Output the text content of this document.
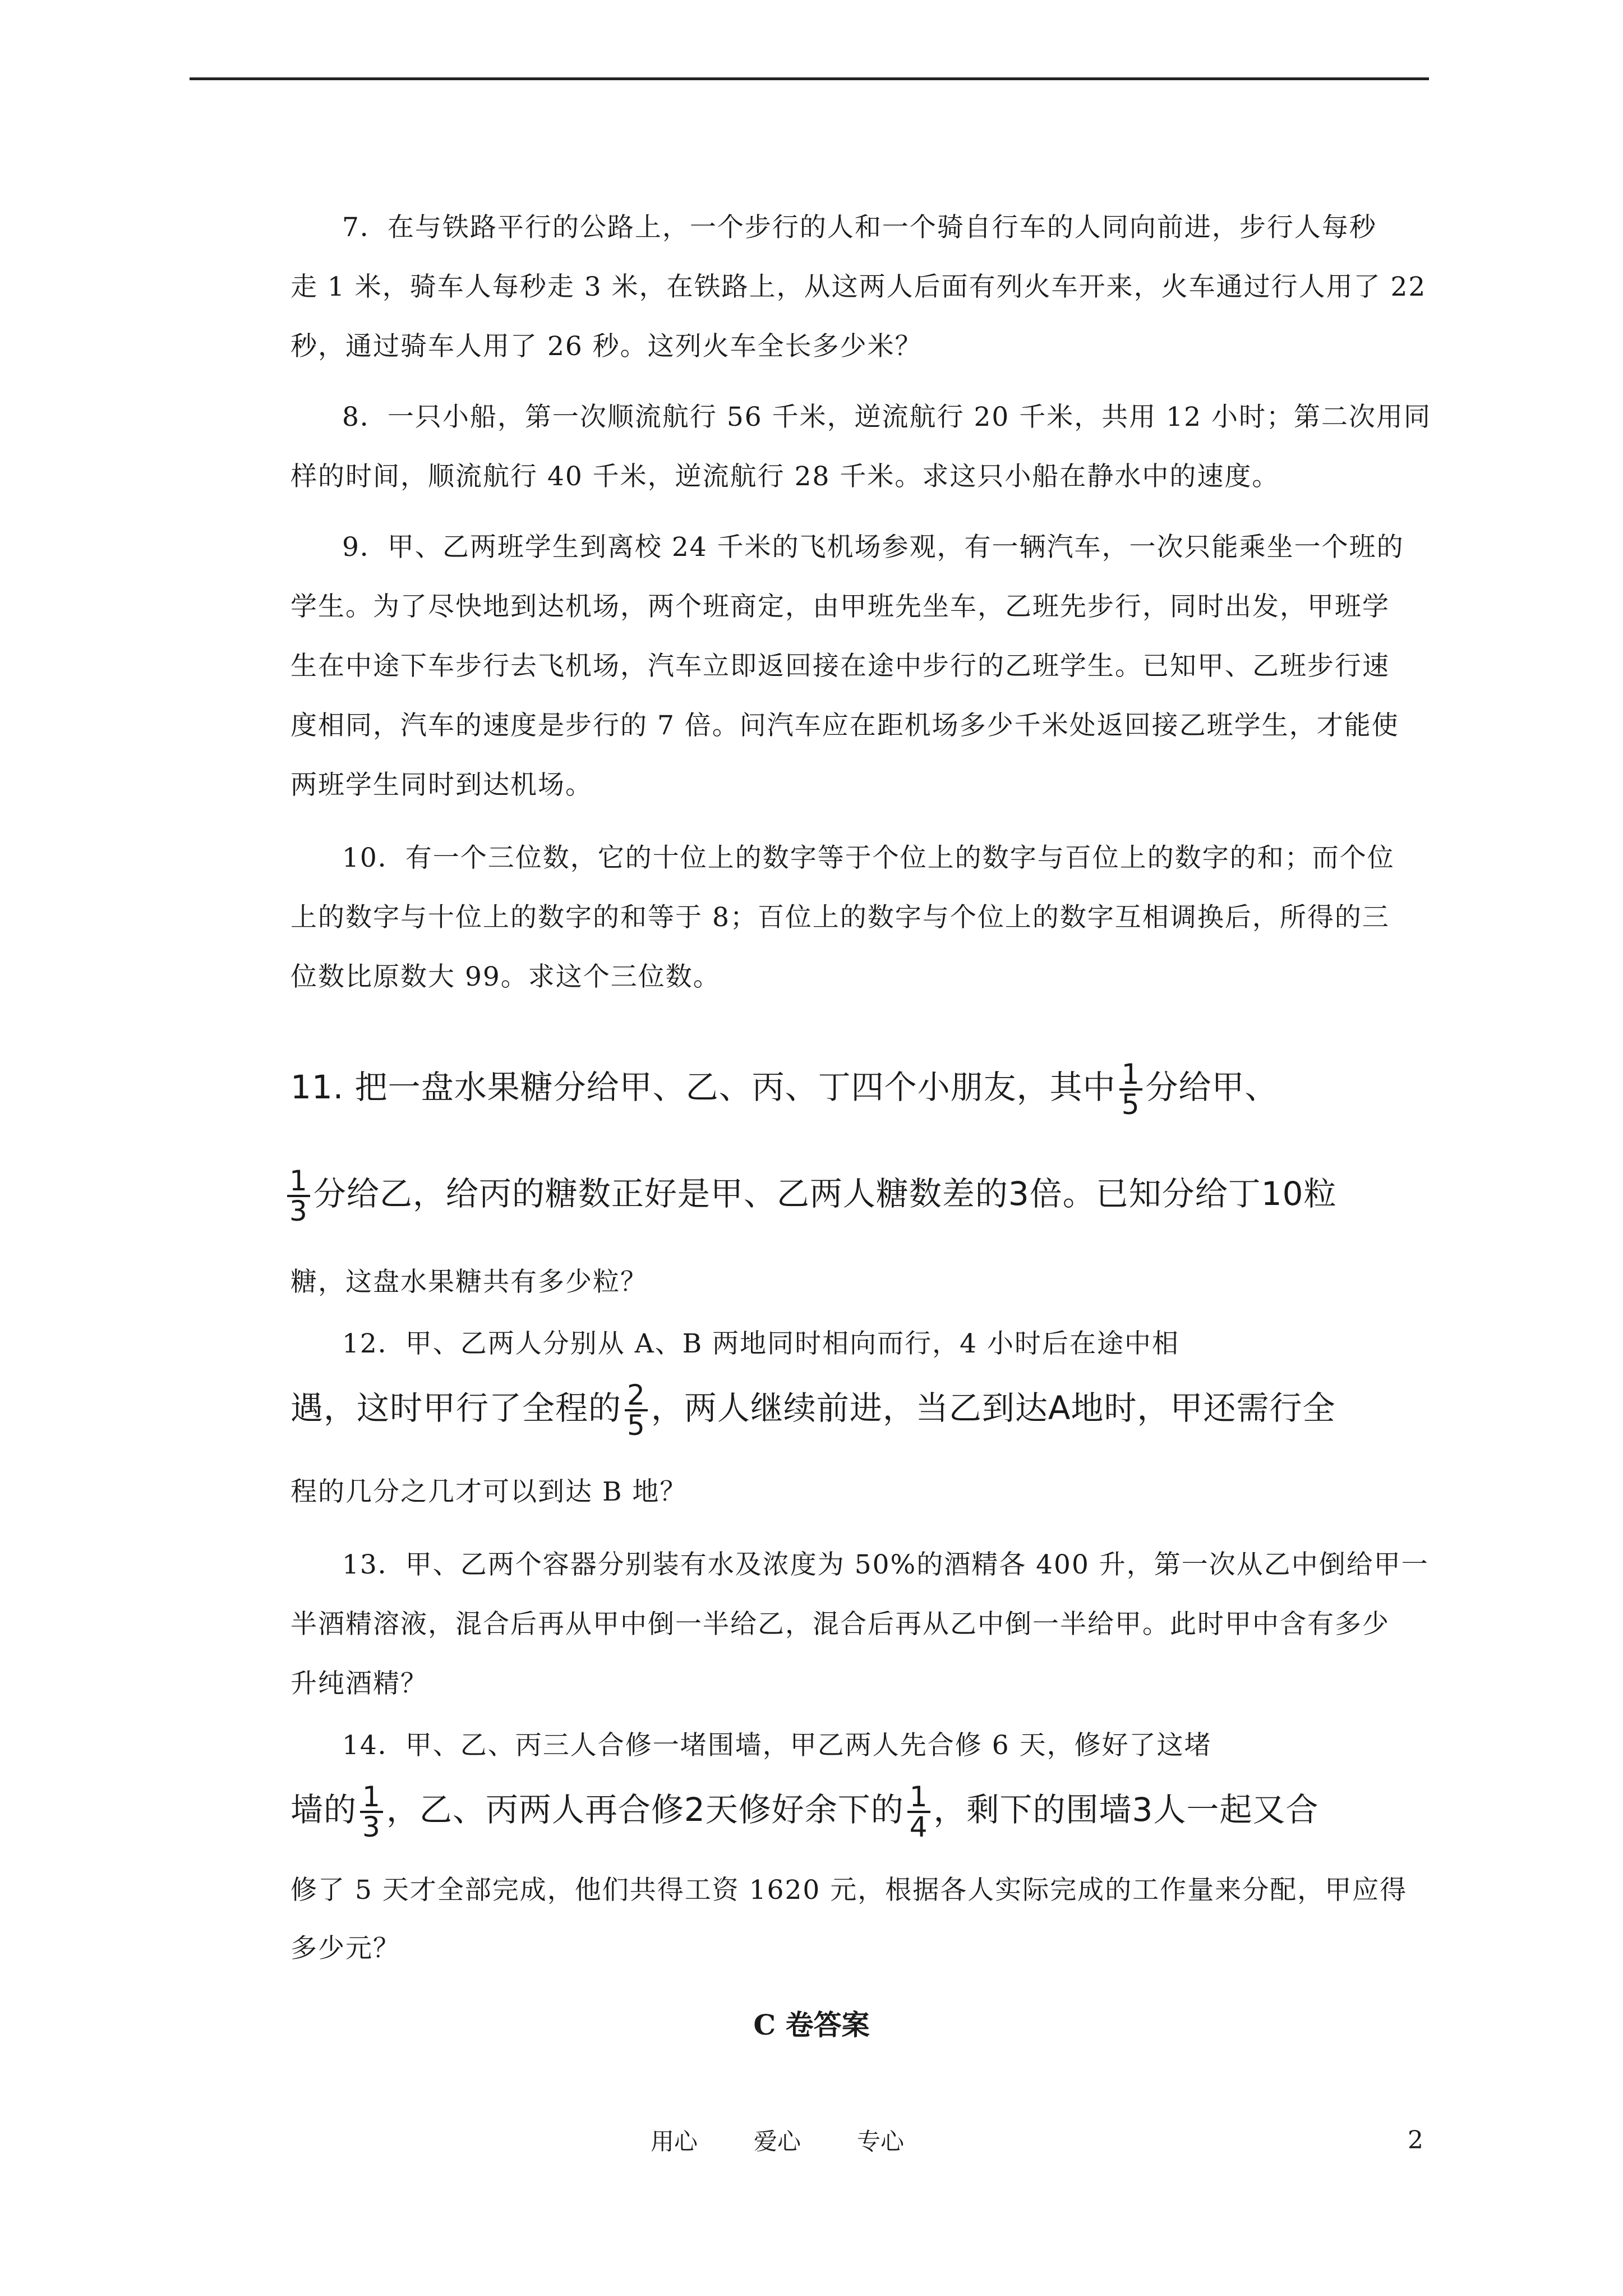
7．在与铁路平行的公路上，一个步行的人和一个骑自行车的人同向前进，步行人每秒
走 1 米，骑车人每秒走 3 米，在铁路上，从这两人后面有列火车开来，火车通过行人用了 22
秒，通过骑车人用了 26 秒。这列火车全长多少米？
8．一只小船，第一次顺流航行 56 千米，逆流航行 20 千米，共用 12 小时；第二次用同
样的时间，顺流航行 40 千米，逆流航行 28 千米。求这只小船在静水中的速度。
9．甲、乙两班学生到离校 24 千米的飞机场参观，有一辆汽车，一次只能乘坐一个班的
学生。为了尽快地到达机场，两个班商定，由甲班先坐车，乙班先步行，同时出发，甲班学
生在中途下车步行去飞机场，汽车立即返回接在途中步行的乙班学生。已知甲、乙班步行速
度相同，汽车的速度是步行的 7 倍。问汽车应在距机场多少千米处返回接乙班学生，才能使
两班学生同时到达机场。
10．有一个三位数，它的十位上的数字等于个位上的数字与百位上的数字的和；而个位
上的数字与十位上的数字的和等于 8；百位上的数字与个位上的数字互相调换后，所得的三
位数比原数大 99。求这个三位数。
11. 把一盘水果糖分给甲、乙、丙、丁四个小朋友，其中 $\frac{1}{5}$ 分给甲、
$\frac{1}{3}$ 分给乙，给丙的糖数正好是甲、乙两人糖数差的3倍。已知分给丁10粒
糖，这盘水果糖共有多少粒？
12．甲、乙两人分别从 A、B 两地同时相向而行，4 小时后在途中相
遇，这时甲行了全程的 $\frac{2}{5}$ ，两人继续前进，当乙到达A地时，甲还需行全
程的几分之几才可以到达 B 地？
13．甲、乙两个容器分别装有水及浓度为 50%的酒精各 400 升，第一次从乙中倒给甲一
半酒精溶液，混合后再从甲中倒一半给乙，混合后再从乙中倒一半给甲。此时甲中含有多少
升纯酒精？
14．甲、乙、丙三人合修一堵围墙，甲乙两人先合修 6 天，修好了这堵
墙的 $\frac{1}{3}$ ，乙、丙两人再合修2天修好余下的 $\frac{1}{4}$ ，剩下的围墙3人一起又合
修了 5 天才全部完成，他们共得工资 1620 元，根据各人实际完成的工作量来分配，甲应得
多少元？
C 卷答案
用心 爱心 专心	2
